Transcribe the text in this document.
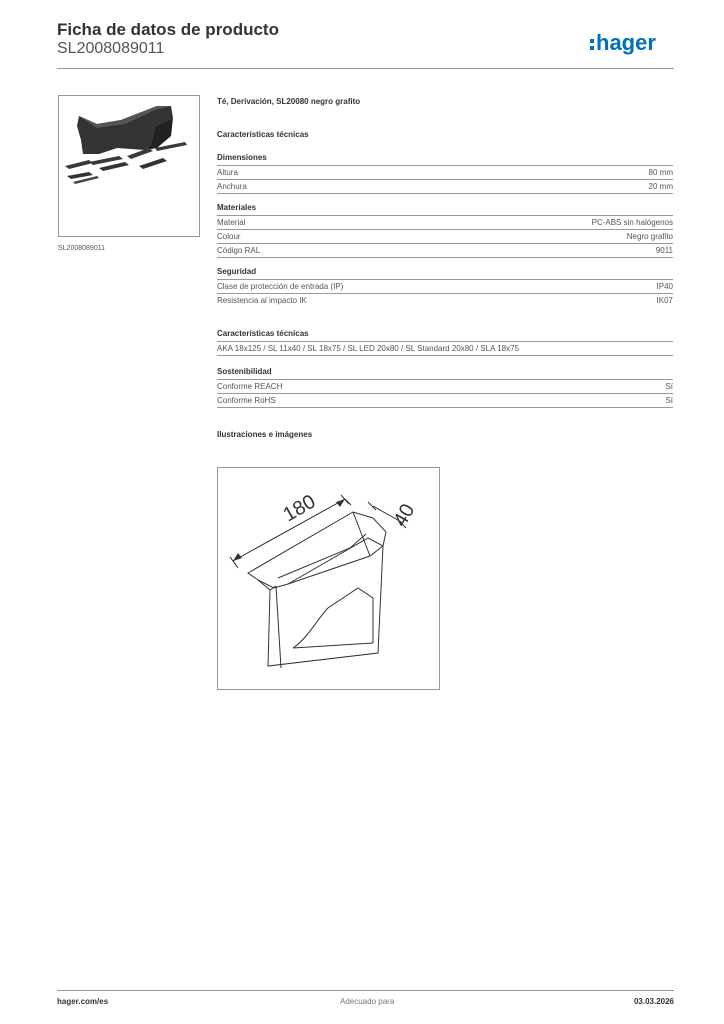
Ficha de datos de producto
SL2008089011	hager
SL2008089011
Té, Derivación, SL20080 negro grafito
Características técnicas
Dimensiones
Altura	80 mm
Anchura	20 mm
Materiales
Material	PC-ABS sin halógenos
Colour	Negro grafito
Código RAL	9011
Seguridad
Clase de protección de entrada (IP)	IP40
Resistencia al impacto IK	IK07
Características técnicas
AKA 18x125 / SL 11x40 / SL 18x75 / SL LED 20x80 / SL Standard 20x80 / SLA 18x75
Sostenibilidad
Conforme REACH	Sí
Conforme RoHS	Sí
Ilustraciones e imágenes
180	40
hager.com/es	Adecuado para	03.03.2026
